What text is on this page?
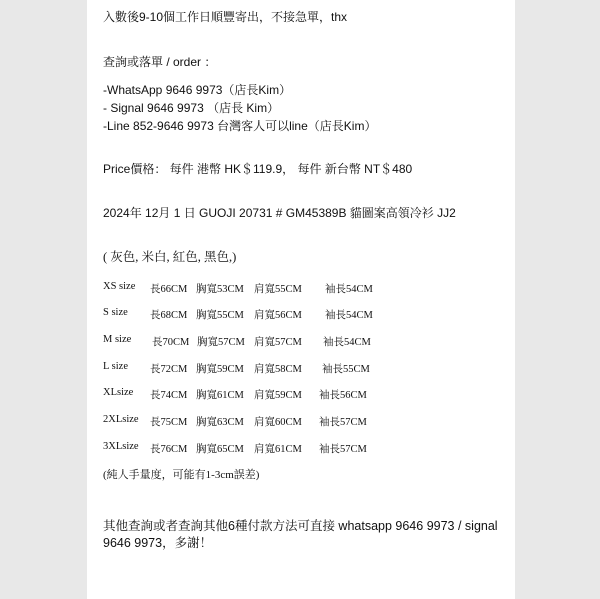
入數後9-10個工作日順豐寄出，不接急單，thx
查詢或落單 / order ：
-WhatsApp 9646 9973（店長Kim）
- Signal 9646 9973 （店長 Kim）
-Line 852-9646 9973 台灣客人可以line（店長Kim）
Price價格： 每件 港幣 HK＄119.9， 每件 新台幣 NT＄480
2024年 12月 1 日 GUOJI 20731 # GM45389B 貓圖案高領冷衫 JJ2
( 灰色, 米白, 紅色, 黑色,)
XS size 長66CM 胸寬53CM 肩寬55CM 袖長54CM
S size 長68CM 胸寬55CM 肩寬56CM 袖長54CM
M size 長70CM 胸寬57CM 肩寬57CM 袖長54CM
L size 長72CM 胸寬59CM 肩寬58CM 袖長55CM
XLsize 長74CM 胸寬61CM 肩寬59CM 袖長56CM
2XLsize 長75CM 胸寬63CM 肩寬60CM 袖長57CM
3XLsize 長76CM 胸寬65CM 肩寬61CM 袖長57CM
(純人手量度，可能有1-3cm誤差)
其他查詢或者查詢其他6種付款方法可直接 whatsapp 9646 9973 / signal 9646 9973，多謝！
